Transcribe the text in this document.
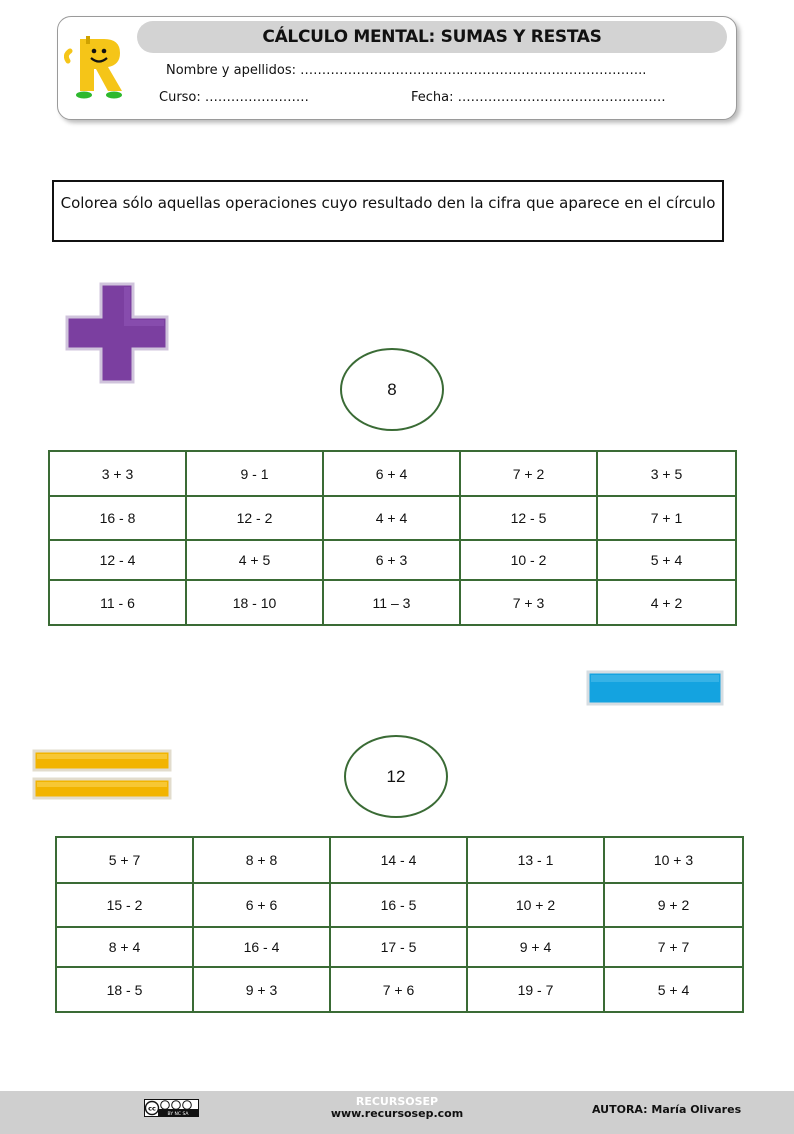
CÁLCULO MENTAL: SUMAS Y RESTAS
Nombre y apellidos: ……………………………………………………………………..
Curso: ……………………	Fecha: …………………………………………
Colorea sólo aquellas operaciones cuyo resultado den la cifra que aparece en el círculo
8
3 + 3	9 - 1	6 + 4	7 + 2	3 + 5
16 - 8	12 - 2	4 + 4	12 - 5	7 + 1
12 - 4	4 + 5	6 + 3	10 - 2	5 + 4
11 - 6	18 - 10	11 – 3	7 + 3	4 + 2
12
5 + 7	8 + 8	14 - 4	13 - 1	10 + 3
15 - 2	6 + 6	16 - 5	10 + 2	9 + 2
8 + 4	16 - 4	17 - 5	9 + 4	7 + 7
18 - 5	9 + 3	7 + 6	19 - 7	5 + 4
cc
BY NC SA
RECURSOSEP
www.recursosep.com	AUTORA: María Olivares
